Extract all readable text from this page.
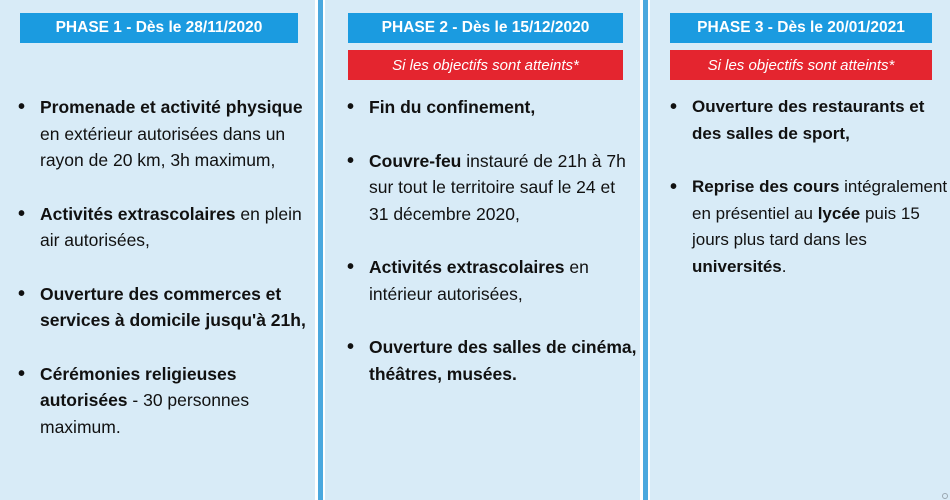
PHASE 1 - Dès le 28/11/2020
• Promenade et activité physique en extérieur autorisées dans un rayon de 20 km, 3h maximum,
• Activités extrascolaires en plein air autorisées,
• Ouverture des commerces et services à domicile jusqu'à 21h,
• Cérémonies religieuses autorisées - 30 personnes maximum.
PHASE 2 - Dès le 15/12/2020
Si les objectifs sont atteints*
• Fin du confinement,
• Couvre-feu instauré de 21h à 7h sur tout le territoire sauf le 24 et 31 décembre 2020,
• Activités extrascolaires en intérieur autorisées,
• Ouverture des salles de cinéma, théâtres, musées.
PHASE 3 - Dès le 20/01/2021
Si les objectifs sont atteints*
• Ouverture des restaurants et des salles de sport,
• Reprise des cours intégralement en présentiel au lycée puis 15 jours plus tard dans les universités.
